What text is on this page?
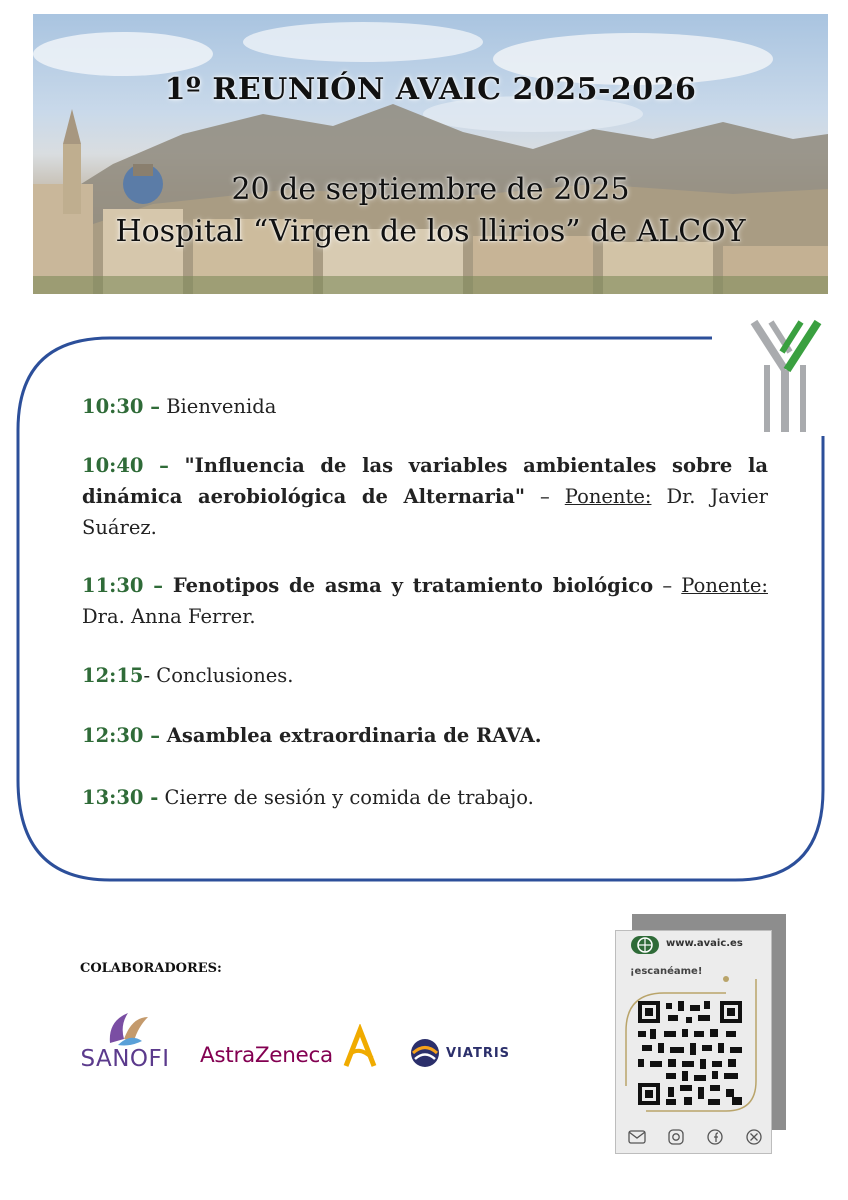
1º REUNIÓN AVAIC 2025-2026
20 de septiembre de 2025
Hospital “Virgen de los llirios” de ALCOY
10:30 – Bienvenida
10:40 – "Influencia de las variables ambientales sobre la dinámica aerobiológica de Alternaria" – Ponente: Dr. Javier Suárez.
11:30 – Fenotipos de asma y tratamiento biológico – Ponente: Dra. Anna Ferrer.
12:15- Conclusiones.
12:30 – Asamblea extraordinaria de RAVA.
13:30 - Cierre de sesión y comida de trabajo.
COLABORADORES:
SANOFI AstraZeneca	VIATRIS
www.avaic.es
¡escanéame!
